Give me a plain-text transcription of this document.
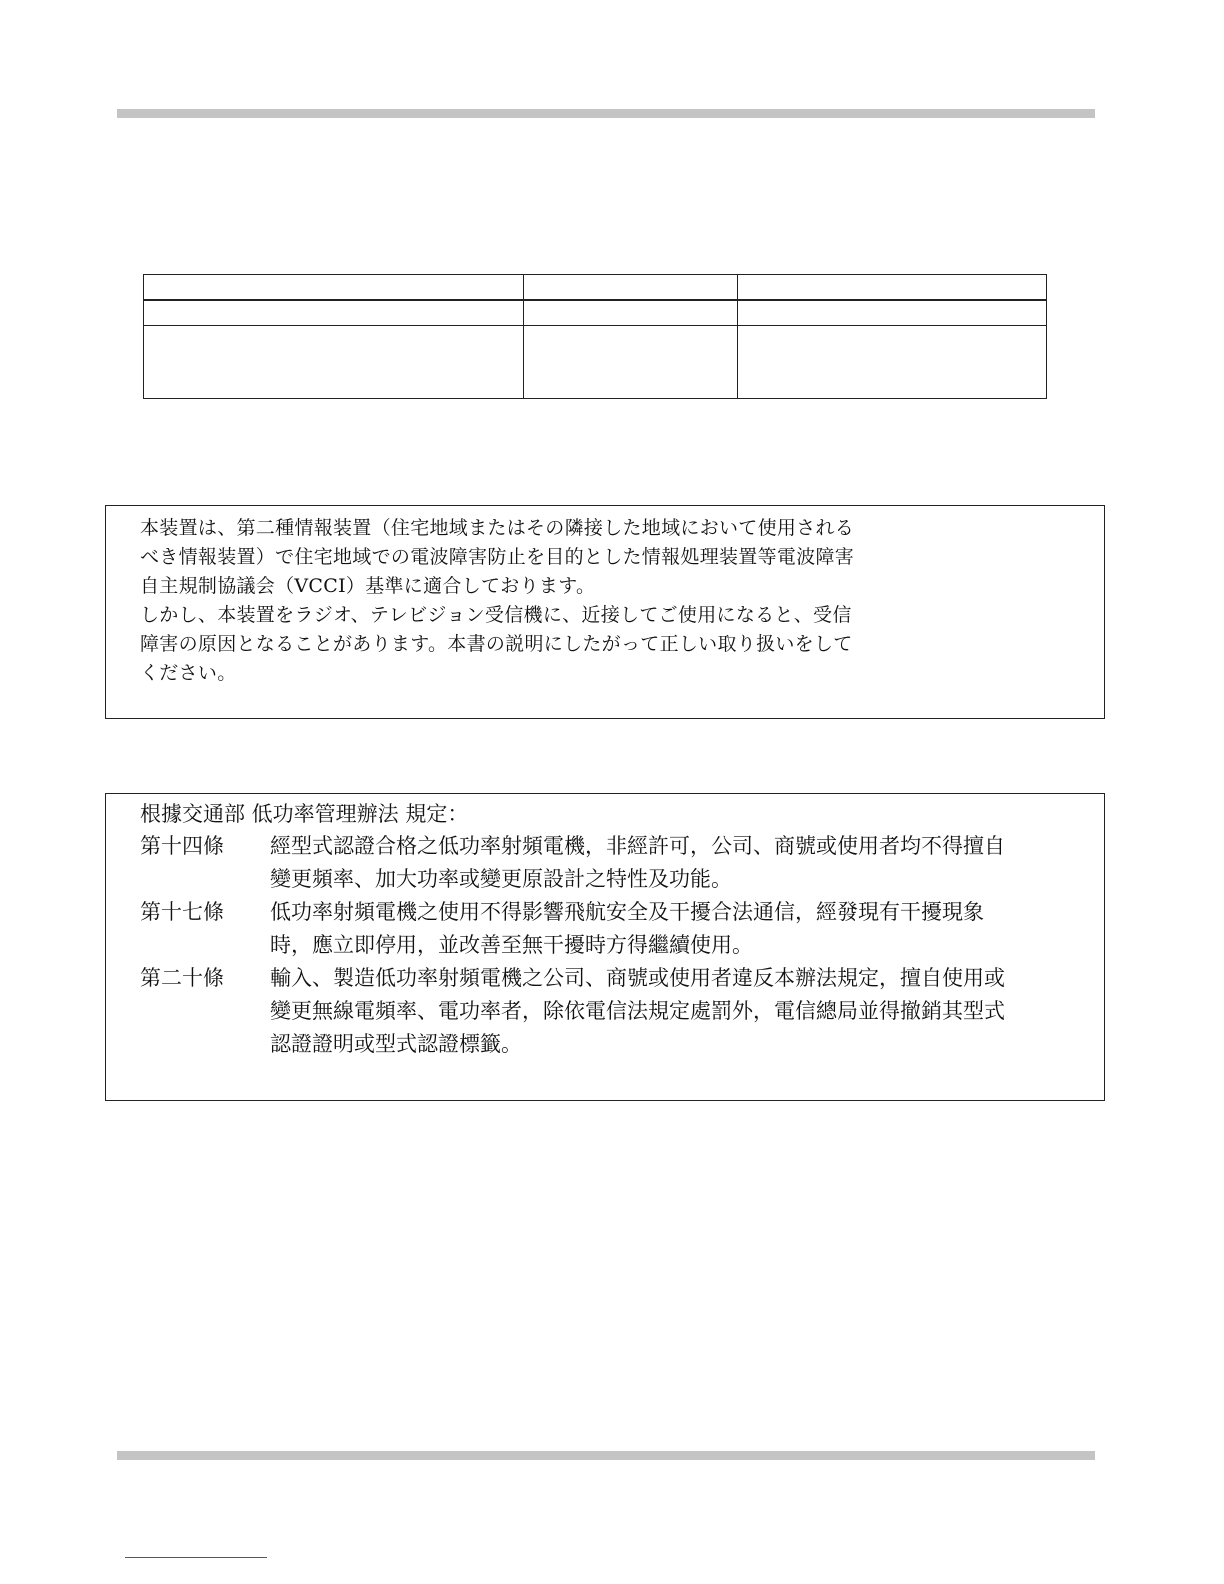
本装置は、第二種情報装置（住宅地域またはその隣接した地域において使用される

べき情報装置）で住宅地域での電波障害防止を目的とした情報処理装置等電波障害

自主規制協議会（VCCI）基準に適合しております。

しかし、本装置をラジオ、テレビジョン受信機に、近接してご使用になると、受信

障害の原因となることがあります。本書の説明にしたがって正しい取り扱いをして

ください。

根據交通部 低功率管理辦法 規定：
第十四條 經型式認證合格之低功率射頻電機，非經許可，公司、商號或使用者均不得擅自變更頻率、加大功率或變更原設計之特性及功能。
第十七條 低功率射頻電機之使用不得影響飛航安全及干擾合法通信，經發現有干擾現象時，應立即停用，並改善至無干擾時方得繼續使用。
第二十條 輸入、製造低功率射頻電機之公司、商號或使用者違反本辦法規定，擅自使用或變更無線電頻率、電功率者，除依電信法規定處罰外，電信總局並得撤銷其型式認證證明或型式認證標籤。
